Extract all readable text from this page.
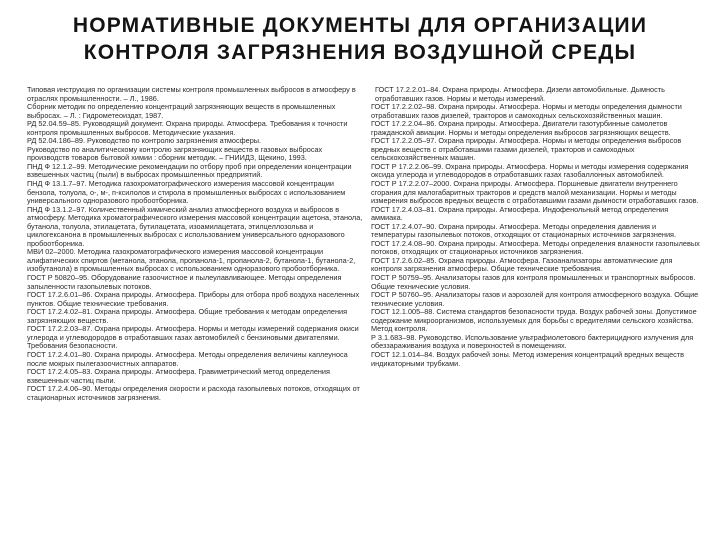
НОРМАТИВНЫЕ ДОКУМЕНТЫ ДЛЯ ОРГАНИЗАЦИИ КОНТРОЛЯ ЗАГРЯЗНЕНИЯ ВОЗДУШНОЙ СРЕДЫ

Типовая инструкция по организации системы контроля промышленных выбросов в атмосферу в отраслях промышленности. – Л., 1986.

Сборник методик по определению концентраций загрязняющих веществ в промышленных выбросах. – Л. : Гидрометеоиздат, 1987.

РД 52.04.59–85. Руководящий документ. Охрана природы. Атмосфера. Требования к точности контроля промышленных выбросов. Методические указания.

РД 52.04.186–89. Руководство по контролю загрязнения атмосферы.

Руководство по аналитическому контролю загрязняющих веществ в газовых выбросах производств товаров бытовой химии : сборник методик. – ГНИИДЗ, Щекино, 1993.

ПНД Ф 12.1.2–99. Методические рекомендации по отбору проб при определении концентрации взвешенных частиц (пыли) в выбросах промышленных предприятий.

ПНД Ф 13.1.7–97. Методика газохроматографического измерения массовой концентрации бензола, толуола, о-, м-, п-ксилолов и стирола в промышленных выбросах с использованием универсального одноразового пробоотборника.

ПНД Ф 13.1.2–97. Количественный химический анализ атмосферного воздуха и выбросов в атмосферу. Методика хроматографического измерения массовой концентрации ацетона, этанола, бутанола, толуола, этилацетата, бутилацетата, изоамилацетата, этилцеллозольва и циклогексанона в промышленных выбросах с использованием универсального одноразового пробоотборника.

МВИ 02–2000. Методика газохроматографического измерения массовой концентрации алифатических спиртов (метанола, этанола, пропанола-1, пропанола-2, бутанола-1, бутанола-2, изобутанола) в промышленных выбросах с использованием одноразового пробоотборника.

ГОСТ Р 50820–95. Оборудование газоочистное и пылеулавливающее. Методы определения запыленности газопылевых потоков.

ГОСТ 17.2.6.01–86. Охрана природы. Атмосфера. Приборы для отбора проб воздуха населенных пунктов. Общие технические требования.

ГОСТ 17.2.4.02–81. Охрана природы. Атмосфера. Общие требования к методам определения загрязняющих веществ.

ГОСТ 17.2.2.03–87. Охрана природы. Атмосфера. Нормы и методы измерений содержания окиси углерода и углеводородов в отработавших газах автомобилей с бензиновыми двигателями. Требования безопасности.

ГОСТ 17.2.4.01–80. Охрана природы. Атмосфера. Методы определения величины каплеуноса после мокрых пылегазоочистных аппаратов.

ГОСТ 17.2.4.05–83. Охрана природы. Атмосфера. Гравиметрический метод определения взвешенных частиц пыли.

ГОСТ 17.2.4.06–90. Методы определения скорости и расхода газопылевых потоков, отходящих от стационарных источников загрязнения.

ГОСТ 17.2.2.01–84. Охрана природы. Атмосфера. Дизели автомобильные. Дымность отработавших газов. Нормы и методы измерений.

ГОСТ 17.2.2.02–98. Охрана природы. Атмосфера. Нормы и методы определения дымности отработавших газов дизелей, тракторов и самоходных сельскохозяйственных машин.

ГОСТ 17.2.2.04–86. Охрана природы. Атмосфера. Двигатели газотурбинные самолетов гражданской авиации. Нормы и методы определения выбросов загрязняющих веществ.

ГОСТ 17.2.2.05–97. Охрана природы. Атмосфера. Нормы и методы определения выбросов вредных веществ с отработавшими газами дизелей, тракторов и самоходных сельскохозяйственных машин.

ГОСТ Р 17.2.2.06–99. Охрана природы. Атмосфера. Нормы и методы измерения содержания оксида углерода и углеводородов в отработавших газах газобаллонных автомобилей.

ГОСТ Р 17.2.2.07–2000. Охрана природы. Атмосфера. Поршневые двигатели внутреннего сгорания для малогабаритных тракторов и средств малой механизации. Нормы и методы измерения выбросов вредных веществ с отработавшими газами дымности отработавших газов.

ГОСТ 17.2.4.03–81. Охрана природы. Атмосфера. Индофенольный метод определения аммиака.

ГОСТ 17.2.4.07–90. Охрана природы. Атмосфера. Методы определения давления и температуры газопылевых потоков, отходящих от стационарных источников загрязнения.

ГОСТ 17.2.4.08–90. Охрана природы. Атмосфера. Методы определения влажности газопылевых потоков, отходящих от стационарных источников загрязнения.

ГОСТ 17.2.6.02–85. Охрана природы. Атмосфера. Газоанализаторы автоматические для контроля загрязнения атмосферы. Общие технические требования.

ГОСТ Р 50759–95. Анализаторы газов для контроля промышленных и транспортных выбросов. Общие технические условия.

ГОСТ Р 50760–95. Анализаторы газов и аэрозолей для контроля атмосферного воздуха. Общие технические условия.

ГОСТ 12.1.005–88. Система стандартов безопасности труда. Воздух рабочей зоны. Допустимое содержание микроорганизмов, используемых для борьбы с вредителями сельского хозяйства. Метод контроля.

Р 3.1.683–98. Руководство. Использование ультрафиолетового бактерицидного излучения для обеззараживания воздуха и поверхностей в помещениях.

ГОСТ 12.1.014–84. Воздух рабочей зоны. Метод измерения концентраций вредных веществ индикаторными трубками.
